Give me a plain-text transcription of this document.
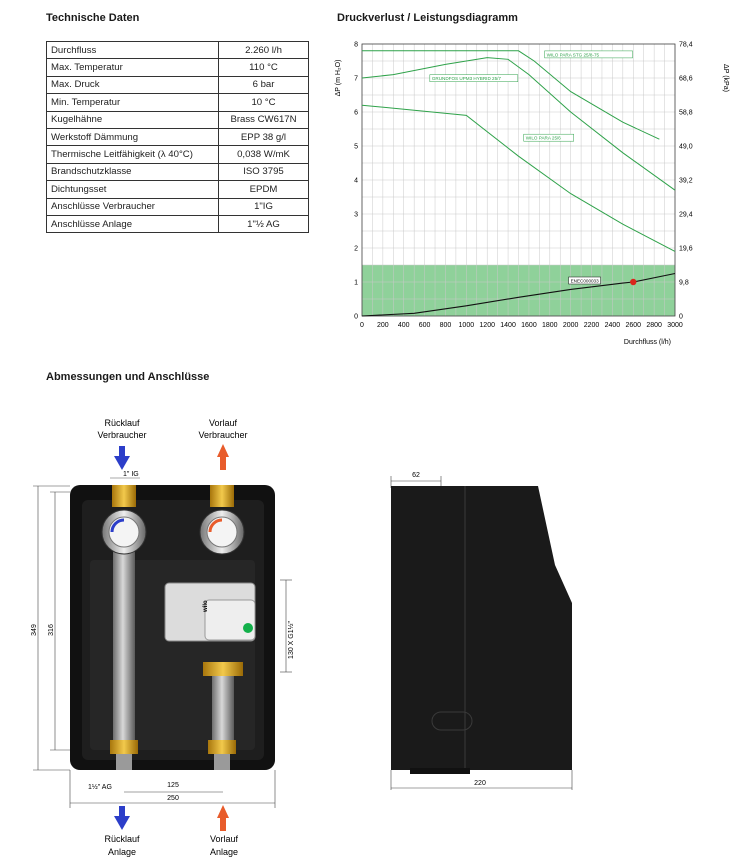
Technische Daten	Druckverlust / Leistungsdiagramm
Abmessungen und Anschlüsse
Durchfluss	2.260 l/h
Max. Temperatur	110 °C
Max. Druck	6 bar
Min. Temperatur	10 °C
Kugelhähne	Brass CW617N
Werkstoff Dämmung	EPP 38 g/l
Thermische Leitfähigkeit (λ 40°C)	0,038 W/mK
Brandschutzklasse	ISO 3795
Dichtungsset	EPDM
Anschlüsse Verbraucher	1"IG
Anschlüsse Anlage	1"½ AG
0 200 400 600 800 1000 1200 1400 1600 1800 2000 2200 2400 2600 2800 3000
0
1
2
3
4
5
6
7
8
0
9,8
19,6
29,4
39,2
49,0
58,8
68,6
78,4
WILO PARA STG 25/8-75
GRUNDFOS UPM3 HYBRID 25/7
WILO PARA 25/6
ENEC000033
ΔP (m H₂O)	ΔP (kPa)
Durchfluss (l/h)
Rücklauf
Verbraucher
Vorlauf
Verbraucher
1" IG
wilo
130 X G1½"
349 316
1½" AG	125
250
Rücklauf
Anlage
Vorlauf
Anlage
62
220
